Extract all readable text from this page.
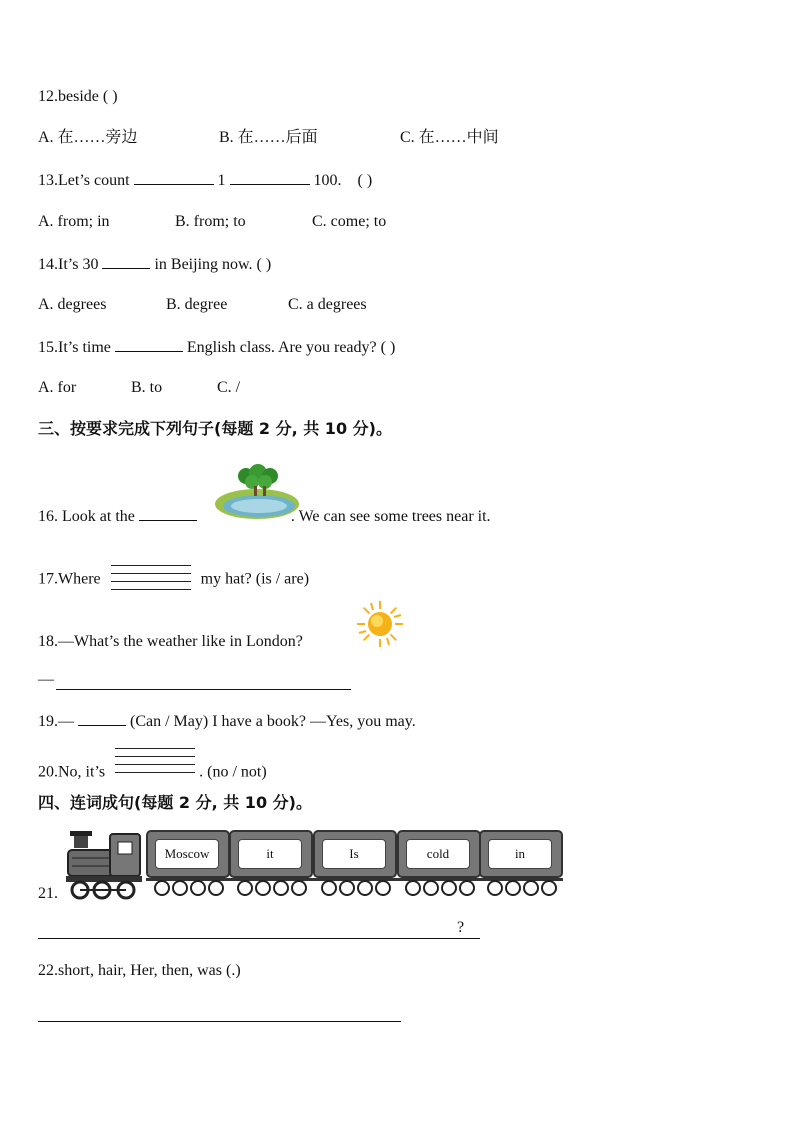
12.beside ( )
A. 在……旁边	B. 在……后面	C. 在……中间
13.Let’s count	1	100. ( )
A. from; in	B. from; to	C. come; to
14.It’s 30	in Beijing now. ( )
A. degrees	B. degree	C. a degrees
15.It’s time	English class. Are you ready? ( )
A. for	B. to	C. /
三、按要求完成下列句子(每题 2 分, 共 10 分)。
16. Look at the	. We can see some trees near it.
17.Where	my hat? (is / are)
18.—What’s the weather like in London?
—
19.—	(Can / May) I have a book? —Yes, you may.
20.No, it’s	. (no / not)
四、连词成句(每题 2 分, 共 10 分)。
21.
Moscow	it	Is	cold	in
?
22.short, hair, Her, then, was (.)
